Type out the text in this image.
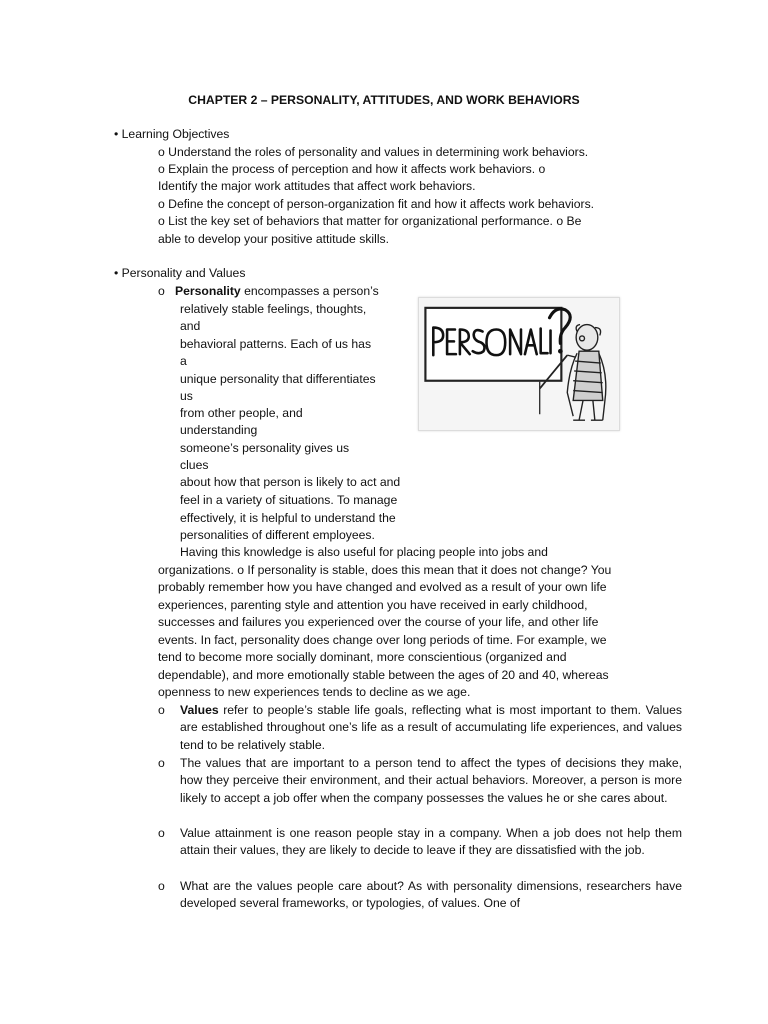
CHAPTER 2 – PERSONALITY, ATTITUDES, AND WORK BEHAVIORS
• Learning Objectives
o Understand the roles of personality and values in determining work behaviors.
o Explain the process of perception and how it affects work behaviors. o
Identify the major work attitudes that affect work behaviors.
o Define the concept of person-organization fit and how it affects work behaviors.
o List the key set of behaviors that matter for organizational performance. o Be
able to develop your positive attitude skills.
• Personality and Values
o Personality encompasses a person’s
relatively stable feelings, thoughts,
and
behavioral patterns. Each of us has
a
unique personality that differentiates
us
from other people, and
understanding
someone’s personality gives us
clues
about how that person is likely to act and
feel in a variety of situations. To manage
effectively, it is helpful to understand the
personalities of different employees.
Having this knowledge is also useful for placing people into jobs and
organizations. o If personality is stable, does this mean that it does not change? You
probably remember how you have changed and evolved as a result of your own life
experiences, parenting style and attention you have received in early childhood,
successes and failures you experienced over the course of your life, and other life
events. In fact, personality does change over long periods of time. For example, we
tend to become more socially dominant, more conscientious (organized and
dependable), and more emotionally stable between the ages of 20 and 40, whereas
openness to new experiences tends to decline as we age.
o Values refer to people’s stable life goals, reflecting what is most important to them. Values are established throughout one’s life as a result of accumulating life experiences, and values tend to be relatively stable.
o The values that are important to a person tend to affect the types of decisions they make, how they perceive their environment, and their actual behaviors. Moreover, a person is more likely to accept a job offer when the company possesses the values he or she cares about.
o Value attainment is one reason people stay in a company. When a job does not help them attain their values, they are likely to decide to leave if they are dissatisfied with the job.
o What are the values people care about? As with personality dimensions, researchers have developed several frameworks, or typologies, of values. One of
